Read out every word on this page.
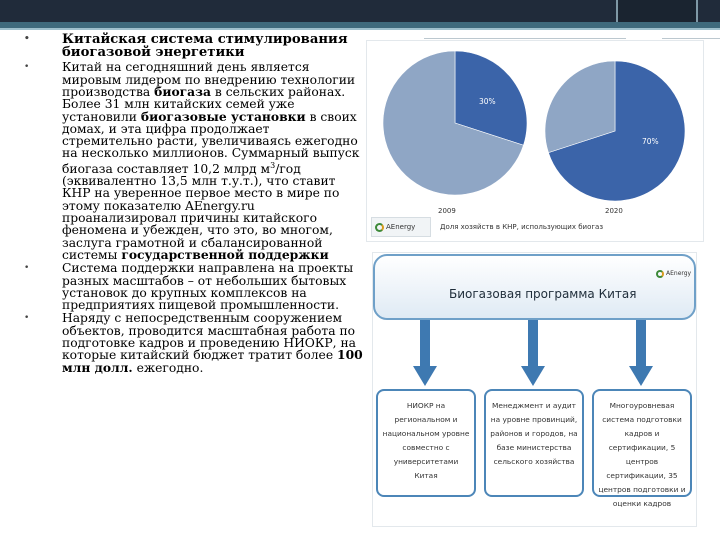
• Китайская система стимулирования биогазовой энергетики
•	Китай на сегодняшний день является мировым лидером по внедрению технологии производства биогаза в сельских районах. Более 31 млн китайских семей уже установили биогазовые установки в своих домах, и эта цифра продолжает стремительно расти, увеличиваясь ежегодно на несколько миллионов. Суммарный выпуск биогаза составляет 10,2 млрд $м^3$/год (эквивалентно 13,5 млн т.у.т.), что ставит КНР на уверенное первое место в мире по этому показателю AEnergy.ru проанализировал причины китайского феномена и убежден, что это, во многом, заслуга грамотной и сбалансированной системы государственной поддержки
•	Система поддержки направлена на проекты разных масштабов – от небольших бытовых установок до крупных комплексов на предприятиях пищевой промышленности.
•	Наряду с непосредственным сооружением объектов, проводится масштабная работа по подготовке кадров и проведению НИОКР, на которые китайский бюджет тратит более 100 млн долл. ежегодно.
AEnergy	Доля хозяйств в КНР, использующих биогаз
2009	2020
30%
70%
Биогазовая программа Китая
AEnergy
НИОКР на региональном и национальном уровне совместно с университетами Китая
Менеджмент и аудит на уровне провинций, районов и городов, на базе министерства сельского хозяйства
Многоуровневая система подготовки кадров и сертификации, 5 центров сертификации, 35 центров подготовки и оценки кадров
